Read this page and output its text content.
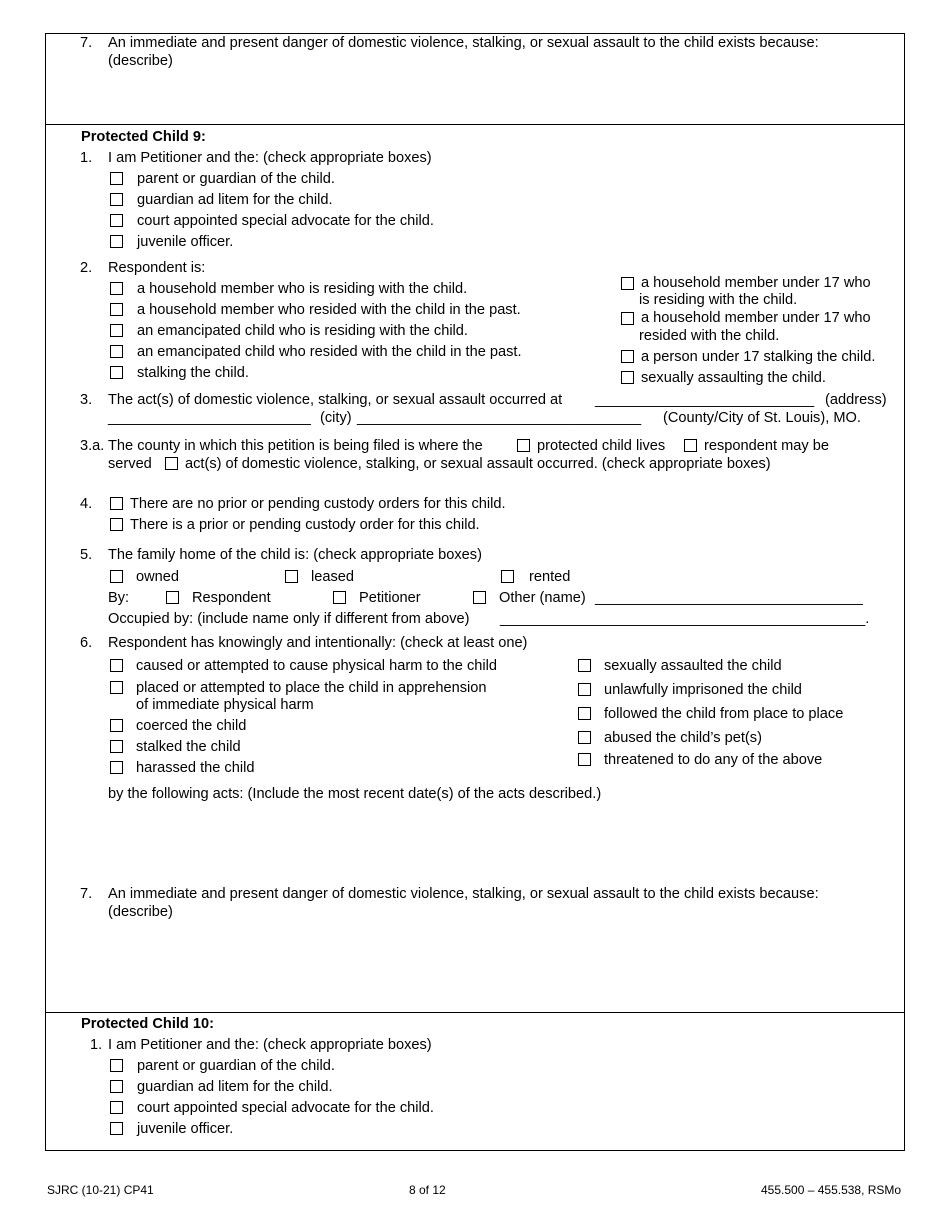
7. An immediate and present danger of domestic violence, stalking, or sexual assault to the child exists because:
(describe)
Protected Child 9:
1. I am Petitioner and the: (check appropriate boxes)
parent or guardian of the child.
guardian ad litem for the child.
court appointed special advocate for the child.
juvenile officer.
2. Respondent is:
a household member who is residing with the child.
a household member who resided with the child in the past.
an emancipated child who is residing with the child.
an emancipated child who resided with the child in the past.
stalking the child.
a household member under 17 who
is residing with the child.
a household member under 17 who
resided with the child.
a person under 17 stalking the child.
sexually assaulting the child.
3. The act(s) of domestic violence, stalking, or sexual assault occurred at ___________________________ (address)
_________________________ (city) ___________________________________ (County/City of St. Louis), MO.
3.a. The county in which this petition is being filed is where the	protected child lives	respondent may be
served act(s) of domestic violence, stalking, or sexual assault occurred. (check appropriate boxes)
4.	There are no prior or pending custody orders for this child.
There is a prior or pending custody order for this child.
5. The family home of the child is: (check appropriate boxes)
owned	leased	rented
By:	Respondent	Petitioner	Other (name) _________________________________
Occupied by: (include name only if different from above) _____________________________________________.
6. Respondent has knowingly and intentionally: (check at least one)
caused or attempted to cause physical harm to the child
placed or attempted to place the child in apprehension
of immediate physical harm
coerced the child
stalked the child
harassed the child
sexually assaulted the child
unlawfully imprisoned the child
followed the child from place to place
abused the child’s pet(s)
threatened to do any of the above
by the following acts: (Include the most recent date(s) of the acts described.)
7. An immediate and present danger of domestic violence, stalking, or sexual assault to the child exists because:
(describe)
Protected Child 10:
1. I am Petitioner and the: (check appropriate boxes)
parent or guardian of the child.
guardian ad litem for the child.
court appointed special advocate for the child.
juvenile officer.
SJRC (10-21) CP41	8 of 12	455.500 – 455.538, RSMo
